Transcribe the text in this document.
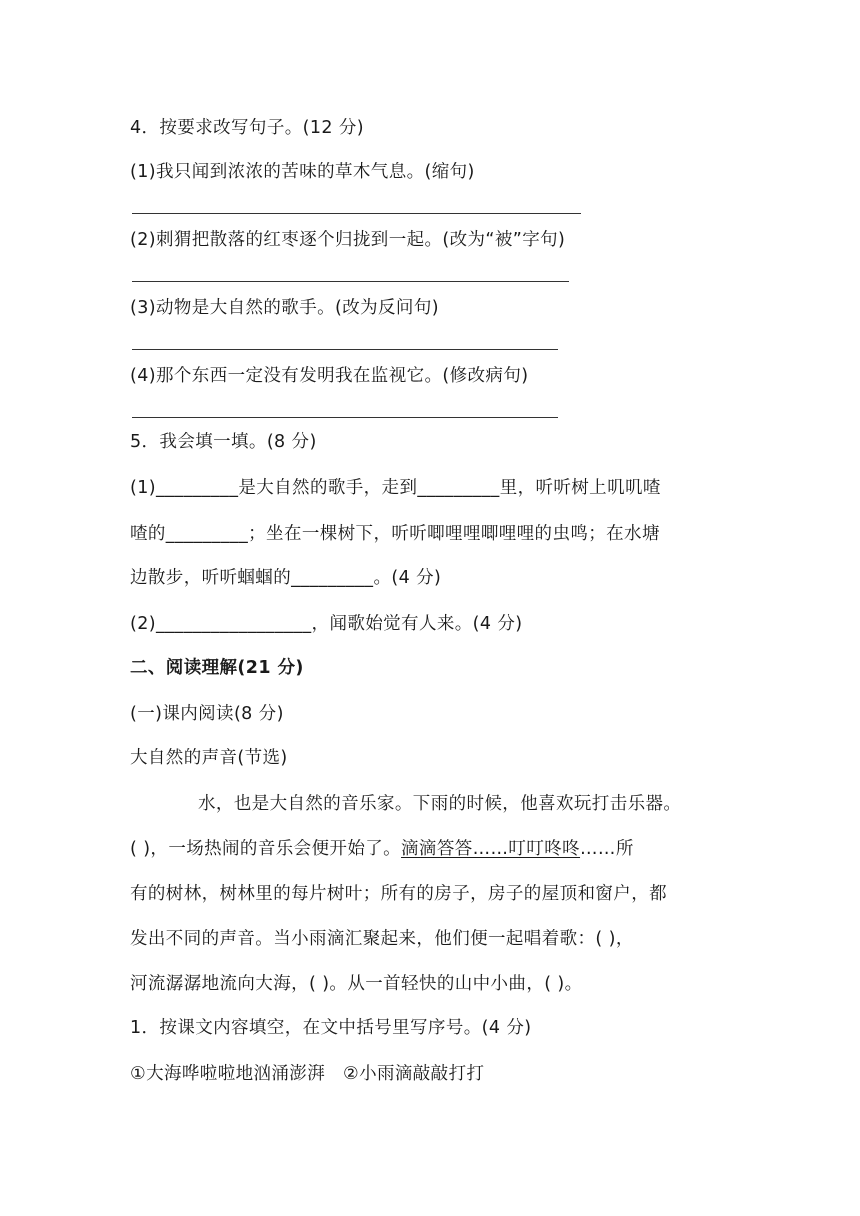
4．按要求改写句子。(12 分)
(1)我只闻到浓浓的苦味的草木气息。(缩句)
(2)刺猬把散落的红枣逐个归拢到一起。(改为“被”字句)
(3)动物是大自然的歌手。(改为反问句)
(4)那个东西一定没有发明我在监视它。(修改病句)
5．我会填一填。(8 分)
(1)_________是大自然的歌手，走到_________里，听听树上叽叽喳
喳的_________；坐在一棵树下，听听唧哩哩唧哩哩的虫鸣；在水塘
边散步，听听蝈蝈的_________。(4 分)
(2)_________________，闻歌始觉有人来。(4 分)
二、阅读理解(21 分)
(一)课内阅读(8 分)
大自然的声音(节选)
水，也是大自然的音乐家。下雨的时候，他喜欢玩打击乐器。
( )，一场热闹的音乐会便开始了。滴滴答答……叮叮咚咚……所
有的树林，树林里的每片树叶；所有的房子，房子的屋顶和窗户，都
发出不同的声音。当小雨滴汇聚起来，他们便一起唱着歌：( )，
河流潺潺地流向大海，( )。从一首轻快的山中小曲，( )。
1．按课文内容填空，在文中括号里写序号。(4 分)
①大海哗啦啦地汹涌澎湃　②小雨滴敲敲打打
